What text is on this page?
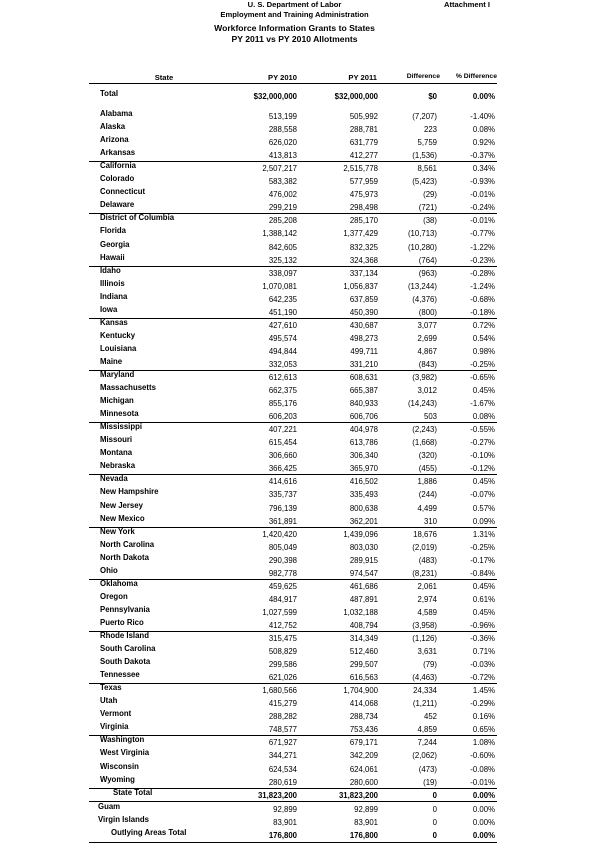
U. S. Department of Labor
Employment and Training Administration
Attachment I
Workforce Information Grants to States
PY 2011 vs PY 2010 Allotments
State	PY 2010	PY 2011	Difference % Difference
Total	$32,000,000	$32,000,000	$0	0.00%
Alabama	513,199	505,992	(7,207)	-1.40%
Alaska	288,558	288,781	223	0.08%
Arizona	626,020	631,779	5,759	0.92%
Arkansas	413,813	412,277	(1,536)	-0.37%
California	2,507,217	2,515,778	8,561	0.34%
Colorado	583,382	577,959	(5,423)	-0.93%
Connecticut	476,002	475,973	(29)	-0.01%
Delaware	299,219	298,498	(721)	-0.24%
District of Columbia	285,208	285,170	(38)	-0.01%
Florida	1,388,142	1,377,429	(10,713)	-0.77%
Georgia	842,605	832,325	(10,280)	-1.22%
Hawaii	325,132	324,368	(764)	-0.23%
Idaho	338,097	337,134	(963)	-0.28%
Illinois	1,070,081	1,056,837	(13,244)	-1.24%
Indiana	642,235	637,859	(4,376)	-0.68%
Iowa	451,190	450,390	(800)	-0.18%
Kansas	427,610	430,687	3,077	0.72%
Kentucky	495,574	498,273	2,699	0.54%
Louisiana	494,844	499,711	4,867	0.98%
Maine	332,053	331,210	(843)	-0.25%
Maryland	612,613	608,631	(3,982)	-0.65%
Massachusetts	662,375	665,387	3,012	0.45%
Michigan	855,176	840,933	(14,243)	-1.67%
Minnesota	606,203	606,706	503	0.08%
Mississippi	407,221	404,978	(2,243)	-0.55%
Missouri	615,454	613,786	(1,668)	-0.27%
Montana	306,660	306,340	(320)	-0.10%
Nebraska	366,425	365,970	(455)	-0.12%
Nevada	414,616	416,502	1,886	0.45%
New Hampshire	335,737	335,493	(244)	-0.07%
New Jersey	796,139	800,638	4,499	0.57%
New Mexico	361,891	362,201	310	0.09%
New York	1,420,420	1,439,096	18,676	1.31%
North Carolina	805,049	803,030	(2,019)	-0.25%
North Dakota	290,398	289,915	(483)	-0.17%
Ohio	982,778	974,547	(8,231)	-0.84%
Oklahoma	459,625	461,686	2,061	0.45%
Oregon	484,917	487,891	2,974	0.61%
Pennsylvania	1,027,599	1,032,188	4,589	0.45%
Puerto Rico	412,752	408,794	(3,958)	-0.96%
Rhode Island	315,475	314,349	(1,126)	-0.36%
South Carolina	508,829	512,460	3,631	0.71%
South Dakota	299,586	299,507	(79)	-0.03%
Tennessee	621,026	616,563	(4,463)	-0.72%
Texas	1,680,566	1,704,900	24,334	1.45%
Utah	415,279	414,068	(1,211)	-0.29%
Vermont	288,282	288,734	452	0.16%
Virginia	748,577	753,436	4,859	0.65%
Washington	671,927	679,171	7,244	1.08%
West Virginia	344,271	342,209	(2,062)	-0.60%
Wisconsin	624,534	624,061	(473)	-0.08%
Wyoming	280,619	280,600	(19)	-0.01%
State Total	31,823,200	31,823,200	0	0.00%
Guam	92,899	92,899	0	0.00%
Virgin Islands	83,901	83,901	0	0.00%
Outlying Areas Total	176,800	176,800	0	0.00%
